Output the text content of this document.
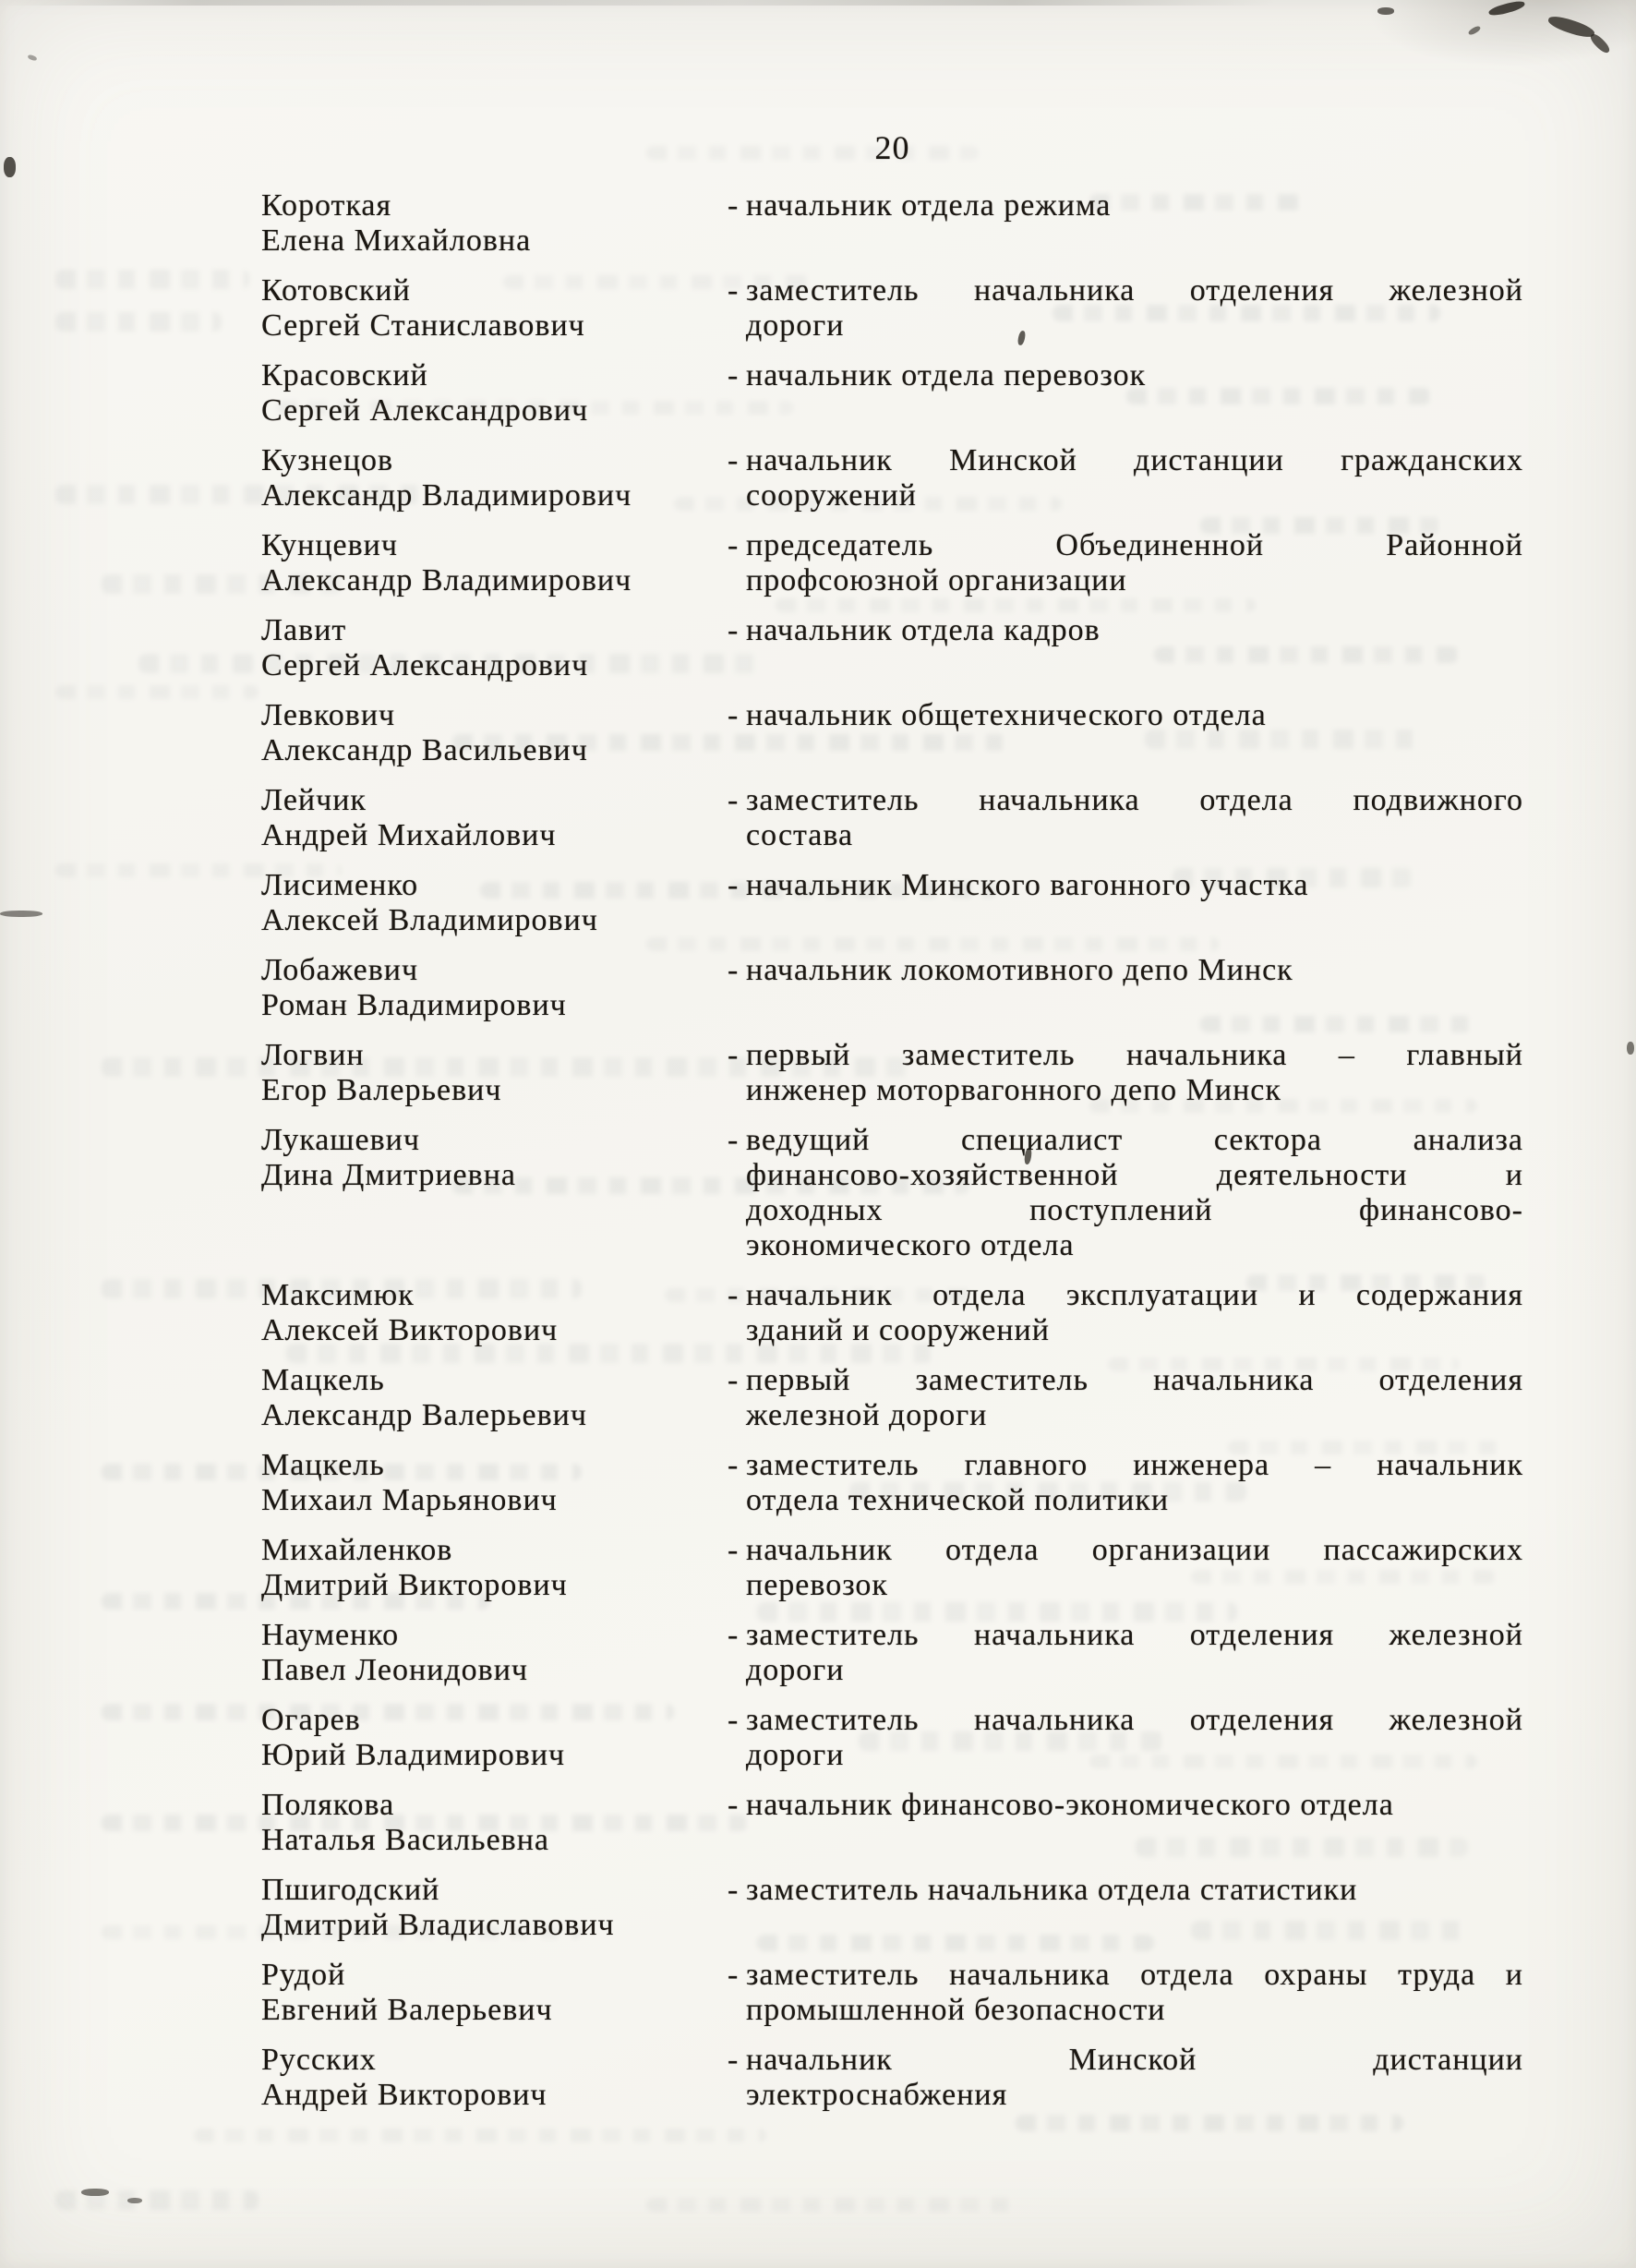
20
Короткая
Елена Михайловна
- начальник отдела режима
Котовский
Сергей Станиславович
- заместитель начальника отделения железной
дороги
Красовский
Сергей Александрович
- начальник отдела перевозок
Кузнецов
Александр Владимирович
- начальник Минской дистанции гражданских
сооружений
Кунцевич
Александр Владимирович
- председатель Объединенной Районной
профсоюзной организации
Лавит
Сергей Александрович
- начальник отдела кадров
Левкович
Александр Васильевич
- начальник общетехнического отдела
Лейчик
Андрей Михайлович
- заместитель начальника отдела подвижного
состава
Лисименко
Алексей Владимирович
- начальник Минского вагонного участка
Лобажевич
Роман Владимирович
- начальник локомотивного депо Минск
Логвин
Егор Валерьевич
- первый заместитель начальника – главный
инженер моторвагонного депо Минск
Лукашевич
Дина Дмитриевна
- ведущий специалист сектора анализа
финансово-хозяйственной деятельности и
доходных поступлений финансово-
экономического отдела
Максимюк
Алексей Викторович
- начальник отдела эксплуатации и содержания
зданий и сооружений
Мацкель
Александр Валерьевич
- первый заместитель начальника отделения
железной дороги
Мацкель
Михаил Марьянович
- заместитель главного инженера – начальник
отдела технической политики
Михайленков
Дмитрий Викторович
- начальник отдела организации пассажирских
перевозок
Науменко
Павел Леонидович
- заместитель начальника отделения железной
дороги
Огарев
Юрий Владимирович
- заместитель начальника отделения железной
дороги
Полякова
Наталья Васильевна
- начальник финансово-экономического отдела
Пшигодский
Дмитрий Владиславович
- заместитель начальника отдела статистики
Рудой
Евгений Валерьевич
- заместитель начальника отдела охраны труда и
промышленной безопасности
Русских
Андрей Викторович
- начальник Минской дистанции
электроснабжения
